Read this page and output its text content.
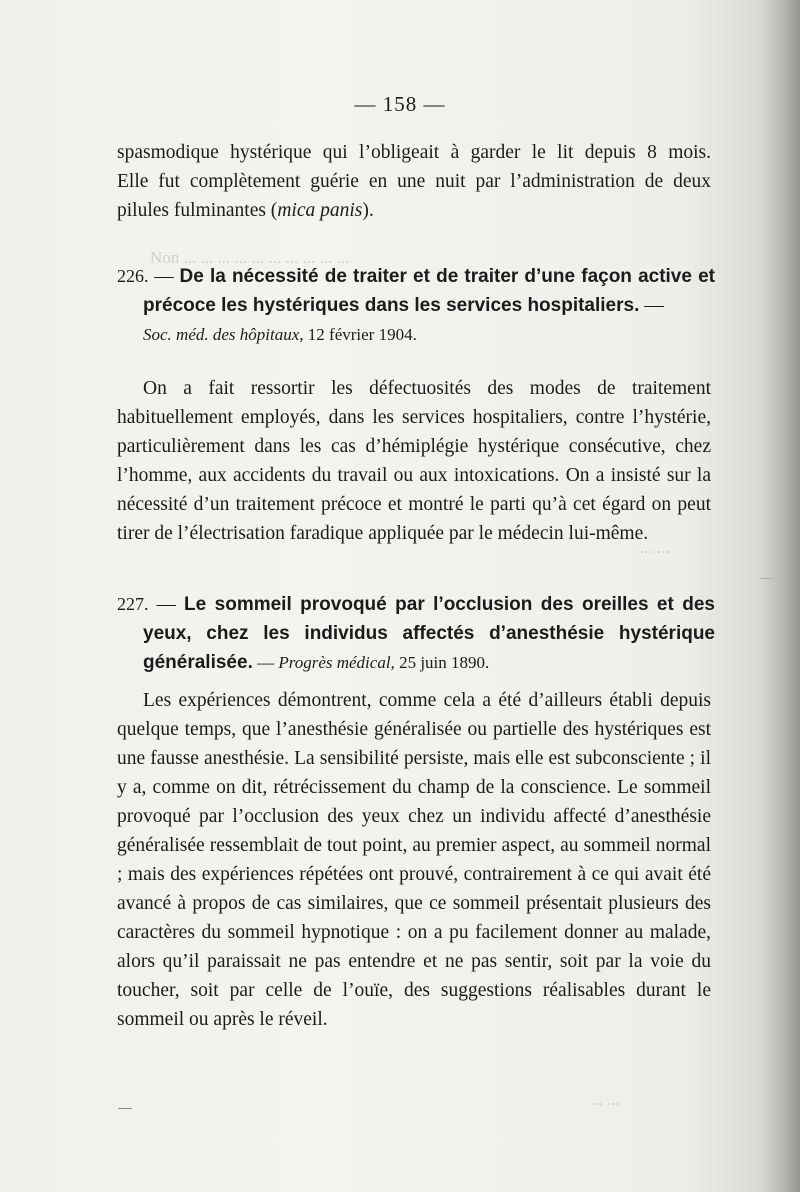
Non ... ... ... ... ... ... ... ... ... ...
... ...
... ...
— 158 —
spasmodique hystérique qui l’obligeait à garder le lit depuis 8 mois.
Elle fut complètement guérie en une nuit par l’administration de deux
pilules fulminantes (mica panis).
226. — De la nécessité de traiter et de traiter d’une façon active et précoce les hystériques dans les services hospitaliers. —
Soc. méd. des hôpitaux, 12 février 1904.

On a fait ressortir les défectuosités des modes de traitement habituellement employés, dans les services hospitaliers, contre l’hystérie, particulièrement dans les cas d’hémiplégie hystérique consécutive, chez l’homme, aux accidents du travail ou aux intoxications. On a insisté sur la nécessité d’un traitement précoce et montré le parti qu’à cet égard on peut tirer de l’électrisation faradique appliquée par le médecin lui-même.

227. — Le sommeil provoqué par l’occlusion des oreilles et des yeux, chez les individus affectés d’anesthésie hystérique généralisée. — Progrès médical, 25 juin 1890.

Les expériences démontrent, comme cela a été d’ailleurs établi depuis quelque temps, que l’anesthésie généralisée ou partielle des hystériques est une fausse anesthésie. La sensibilité persiste, mais elle est subconsciente ; il y a, comme on dit, rétrécissement du champ de la conscience. Le sommeil provoqué par l’occlusion des yeux chez un individu affecté d’anesthésie généralisée ressemblait de tout point, au premier aspect, au sommeil normal ; mais des expériences répétées ont prouvé, contrairement à ce qui avait été avancé à propos de cas similaires, que ce sommeil présentait plusieurs des caractères du sommeil hypnotique : on a pu facilement donner au malade, alors qu’il paraissait ne pas entendre et ne pas sentir, soit par la voie du toucher, soit par celle de l’ouïe, des suggestions réalisables durant le sommeil ou après le réveil.
